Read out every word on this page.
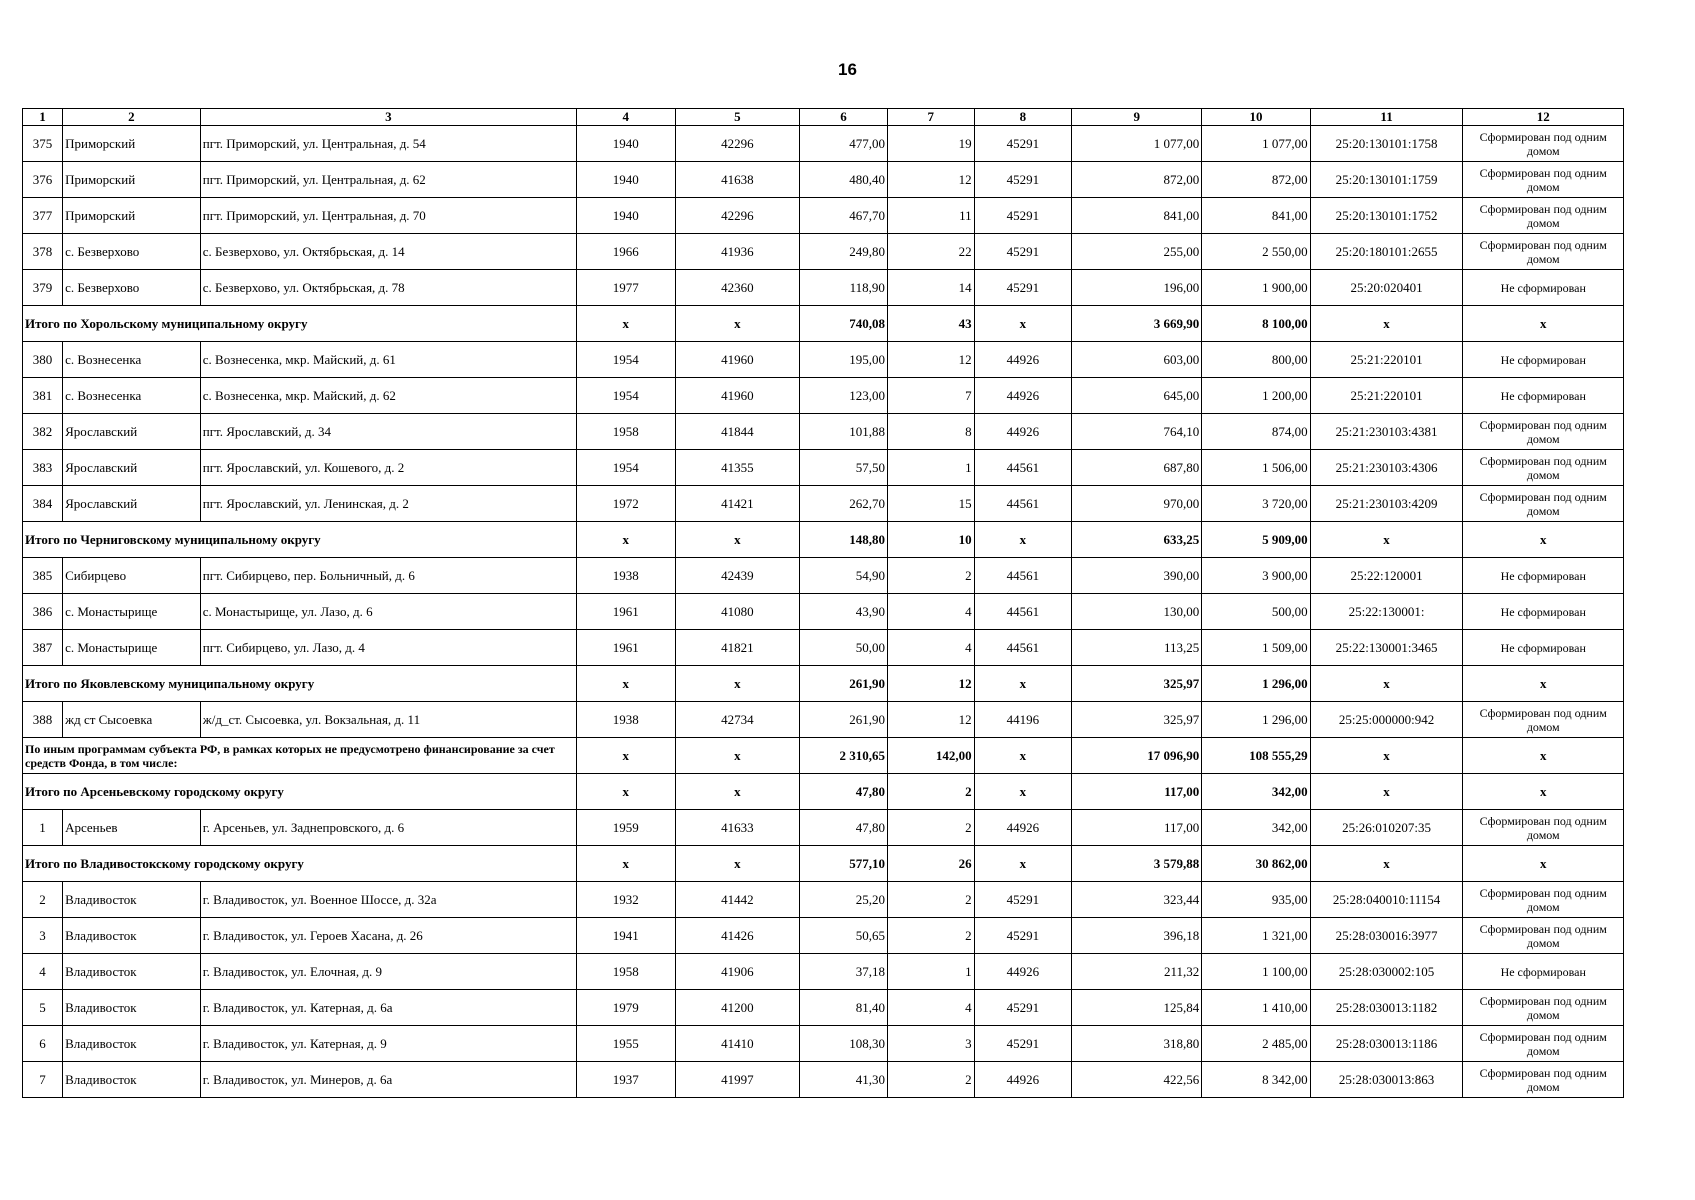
16
1	2	3	4	5	6	7	8	9	10	11	12
375	Приморский	пгт. Приморский, ул. Центральная, д. 54	1940	42296	477,00	19	45291	1 077,00	1 077,00	25:20:130101:1758	Сформирован под одним домом
376	Приморский	пгт. Приморский, ул. Центральная, д. 62	1940	41638	480,40	12	45291	872,00	872,00	25:20:130101:1759	Сформирован под одним домом
377	Приморский	пгт. Приморский, ул. Центральная, д. 70	1940	42296	467,70	11	45291	841,00	841,00	25:20:130101:1752	Сформирован под одним домом
378	с. Безверхово	с. Безверхово, ул. Октябрьская, д. 14	1966	41936	249,80	22	45291	255,00	2 550,00	25:20:180101:2655	Сформирован под одним домом
379	с. Безверхово	с. Безверхово, ул. Октябрьская, д. 78	1977	42360	118,90	14	45291	196,00	1 900,00	25:20:020401	Не сформирован
Итого по Хорольскому муниципальному округу			х	х	740,08	43	х	3 669,90	8 100,00	х	х
380	с. Вознесенка	с. Вознесенка, мкр. Майский, д. 61	1954	41960	195,00	12	44926	603,00	800,00	25:21:220101	Не сформирован
381	с. Вознесенка	с. Вознесенка, мкр. Майский, д. 62	1954	41960	123,00	7	44926	645,00	1 200,00	25:21:220101	Не сформирован
382	Ярославский	пгт. Ярославский, д. 34	1958	41844	101,88	8	44926	764,10	874,00	25:21:230103:4381	Сформирован под одним домом
383	Ярославский	пгт. Ярославский, ул. Кошевого, д. 2	1954	41355	57,50	1	44561	687,80	1 506,00	25:21:230103:4306	Сформирован под одним домом
384	Ярославский	пгт. Ярославский, ул. Ленинская, д. 2	1972	41421	262,70	15	44561	970,00	3 720,00	25:21:230103:4209	Сформирован под одним домом
Итого по Черниговскому муниципальному округу			х	х	148,80	10	х	633,25	5 909,00	х	х
385	Сибирцево	пгт. Сибирцево, пер. Больничный, д. 6	1938	42439	54,90	2	44561	390,00	3 900,00	25:22:120001	Не сформирован
386	с. Монастырище	с. Монастырище, ул. Лазо, д. 6	1961	41080	43,90	4	44561	130,00	500,00	25:22:130001:	Не сформирован
387	с. Монастырище	пгт. Сибирцево, ул. Лазо, д. 4	1961	41821	50,00	4	44561	113,25	1 509,00	25:22:130001:3465	Не сформирован
Итого по Яковлевскому муниципальному округу			х	х	261,90	12	х	325,97	1 296,00	х	х
388	жд ст Сысоевка	ж/д_ст. Сысоевка, ул. Вокзальная, д. 11	1938	42734	261,90	12	44196	325,97	1 296,00	25:25:000000:942	Сформирован под одним домом
По иным программам субъекта РФ, в рамках которых не предусмотрено финансирование за счет средств Фонда, в том числе:			х	х	2 310,65	142,00	х	17 096,90	108 555,29	х	х
Итого по Арсеньевскому городскому округу			х	х	47,80	2	х	117,00	342,00	х	х
1	Арсеньев	г. Арсеньев, ул. Заднепровского, д. 6	1959	41633	47,80	2	44926	117,00	342,00	25:26:010207:35	Сформирован под одним домом
Итого по Владивостокскому городскому округу			х	х	577,10	26	х	3 579,88	30 862,00	х	х
2	Владивосток	г. Владивосток, ул. Военное Шоссе, д. 32а	1932	41442	25,20	2	45291	323,44	935,00	25:28:040010:11154	Сформирован под одним домом
3	Владивосток	г. Владивосток, ул. Героев Хасана, д. 26	1941	41426	50,65	2	45291	396,18	1 321,00	25:28:030016:3977	Сформирован под одним домом
4	Владивосток	г. Владивосток, ул. Елочная, д. 9	1958	41906	37,18	1	44926	211,32	1 100,00	25:28:030002:105	Не сформирован
5	Владивосток	г. Владивосток, ул. Катерная, д. 6а	1979	41200	81,40	4	45291	125,84	1 410,00	25:28:030013:1182	Сформирован под одним домом
6	Владивосток	г. Владивосток, ул. Катерная, д. 9	1955	41410	108,30	3	45291	318,80	2 485,00	25:28:030013:1186	Сформирован под одним домом
7	Владивосток	г. Владивосток, ул. Минеров, д. 6а	1937	41997	41,30	2	44926	422,56	8 342,00	25:28:030013:863	Сформирован под одним домом
